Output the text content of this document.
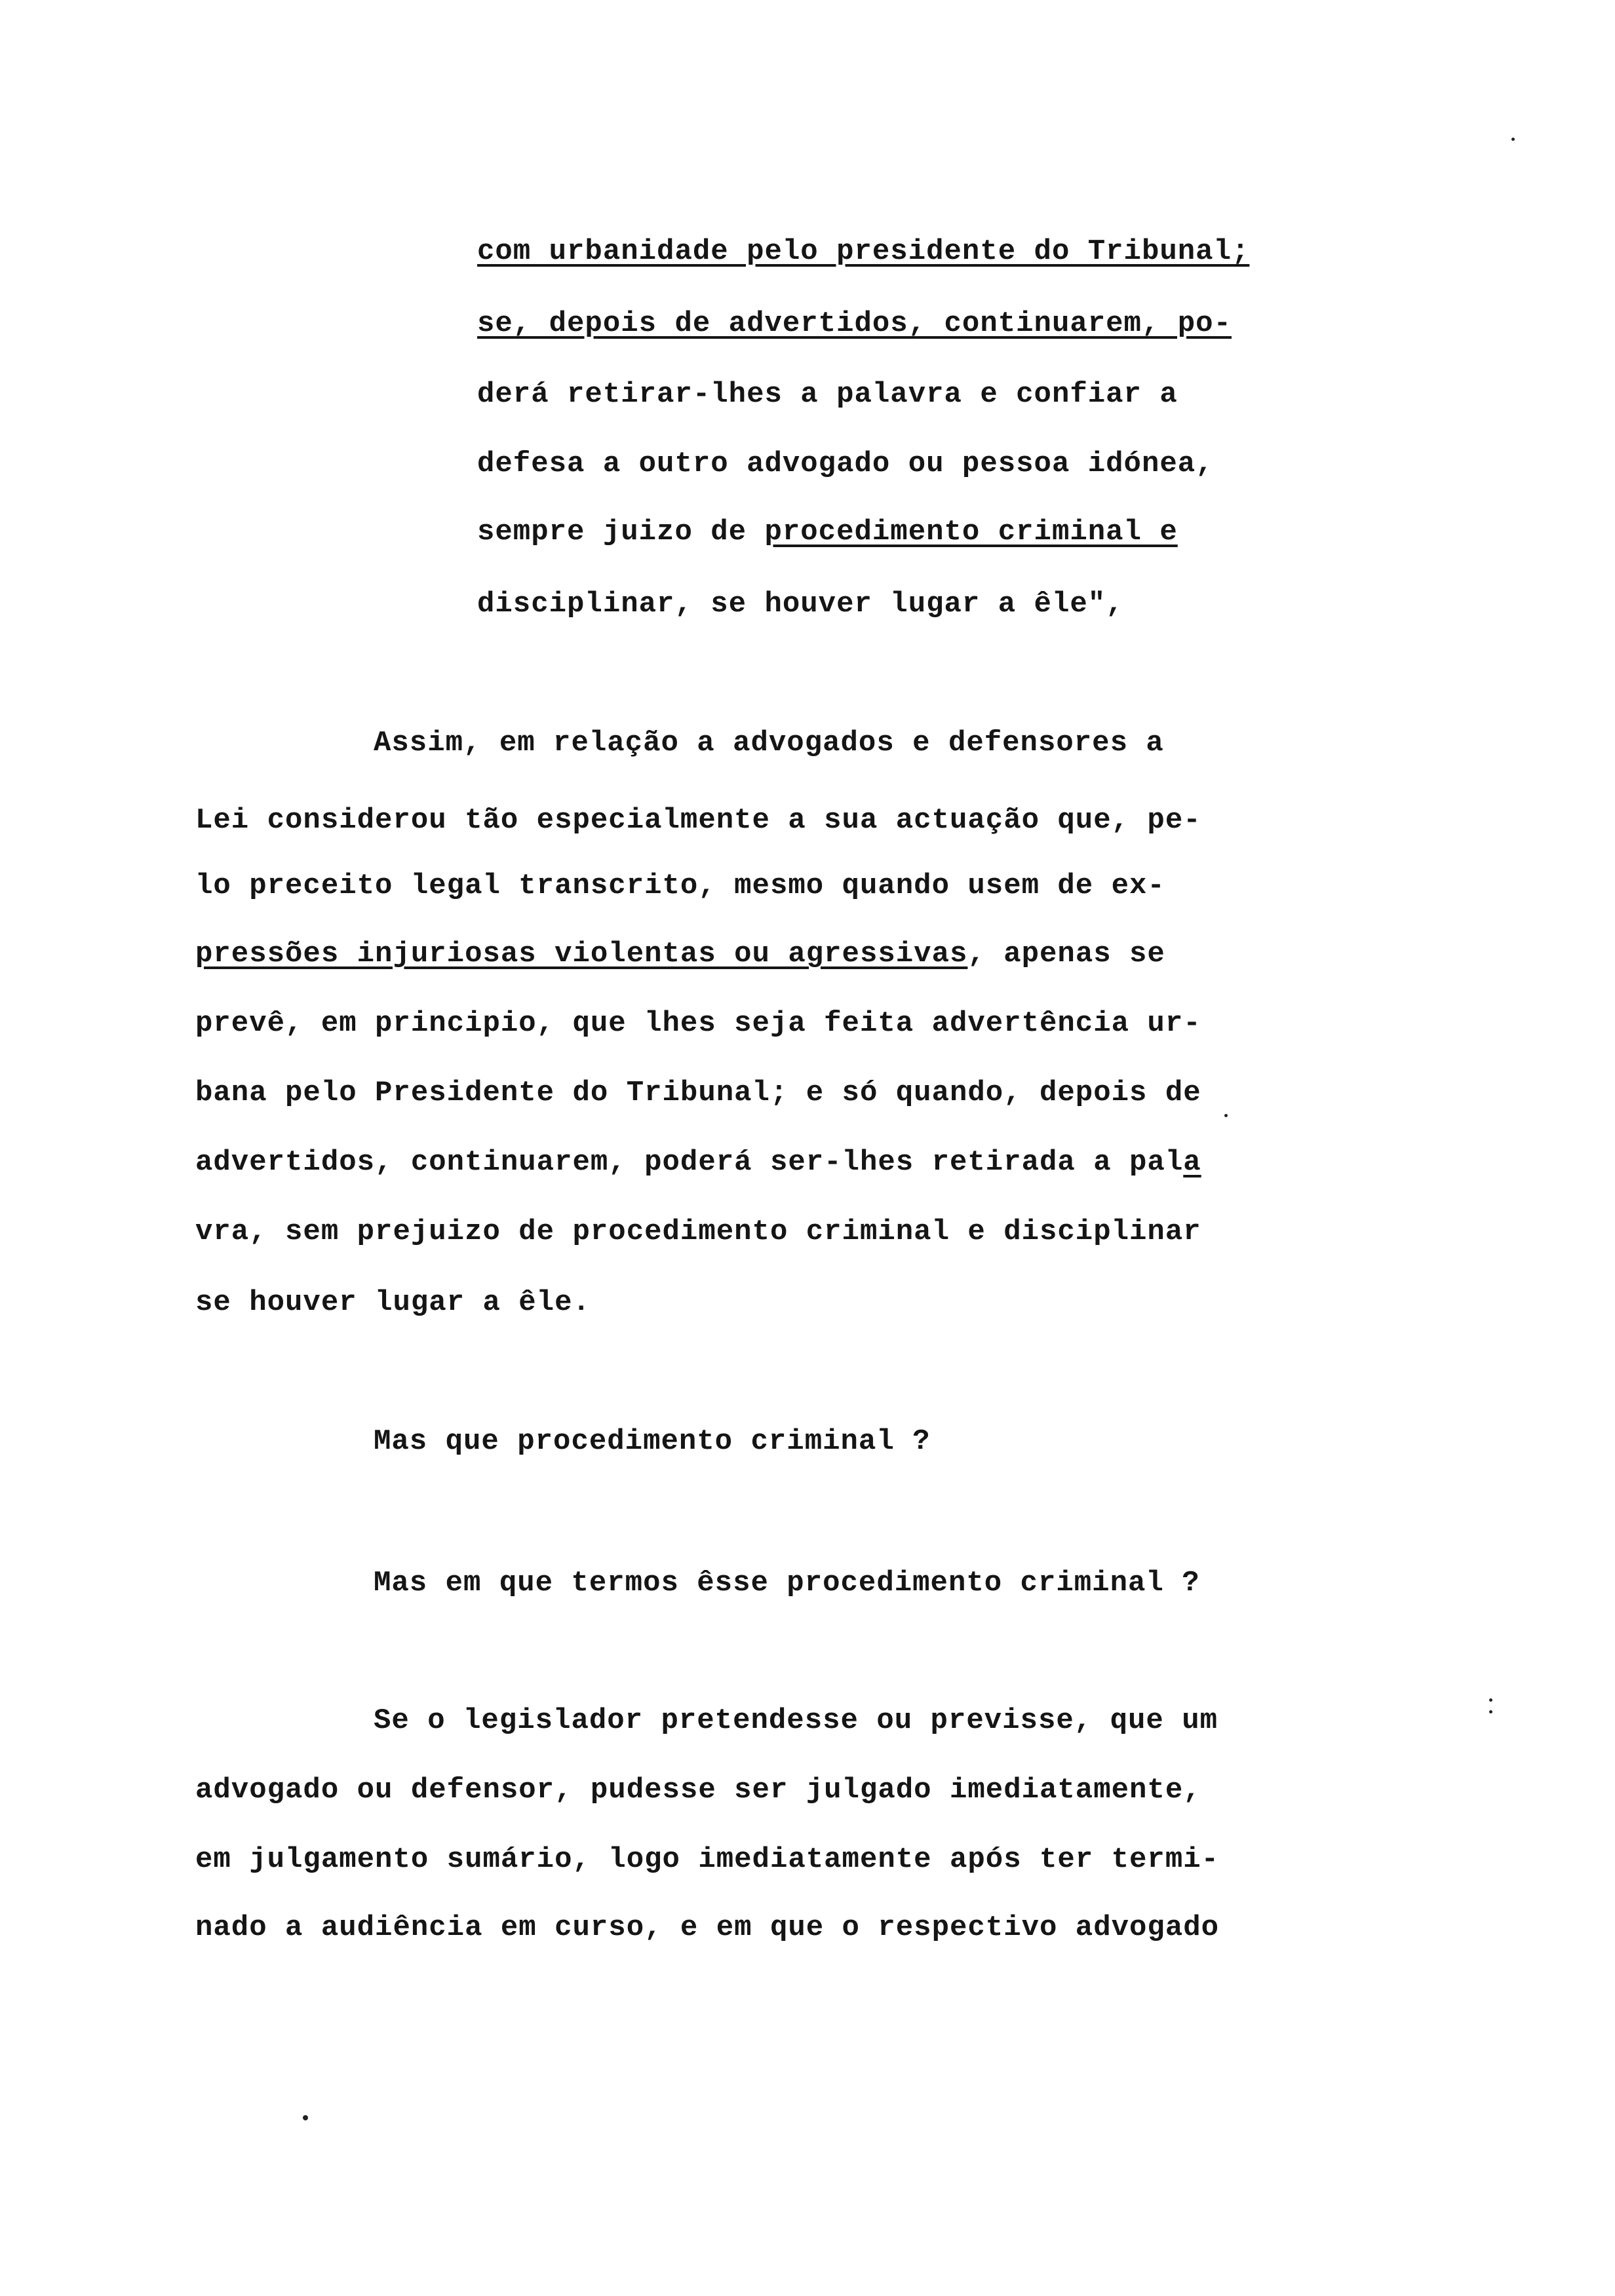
com urbanidade pelo presidente do Tribunal;
se, depois de advertidos, continuarem, po-
derá retirar-lhes a palavra e confiar a
defesa a outro advogado ou pessoa idónea,
sempre juizo de procedimento criminal e
disciplinar, se houver lugar a êle",
Assim, em relação a advogados e defensores a
Lei considerou tão especialmente a sua actuação que, pe-
lo preceito legal transcrito, mesmo quando usem de ex-
pressões injuriosas violentas ou agressivas, apenas se
prevê, em principio, que lhes seja feita advertência ur-
bana pelo Presidente do Tribunal; e só quando, depois de
advertidos, continuarem, poderá ser-lhes retirada a pala
vra, sem prejuizo de procedimento criminal e disciplinar
se houver lugar a êle.
Mas que procedimento criminal ?
Mas em que termos êsse procedimento criminal ?
Se o legislador pretendesse ou previsse, que um
advogado ou defensor, pudesse ser julgado imediatamente,
em julgamento sumário, logo imediatamente após ter termi-
nado a audiência em curso, e em que o respectivo advogado
